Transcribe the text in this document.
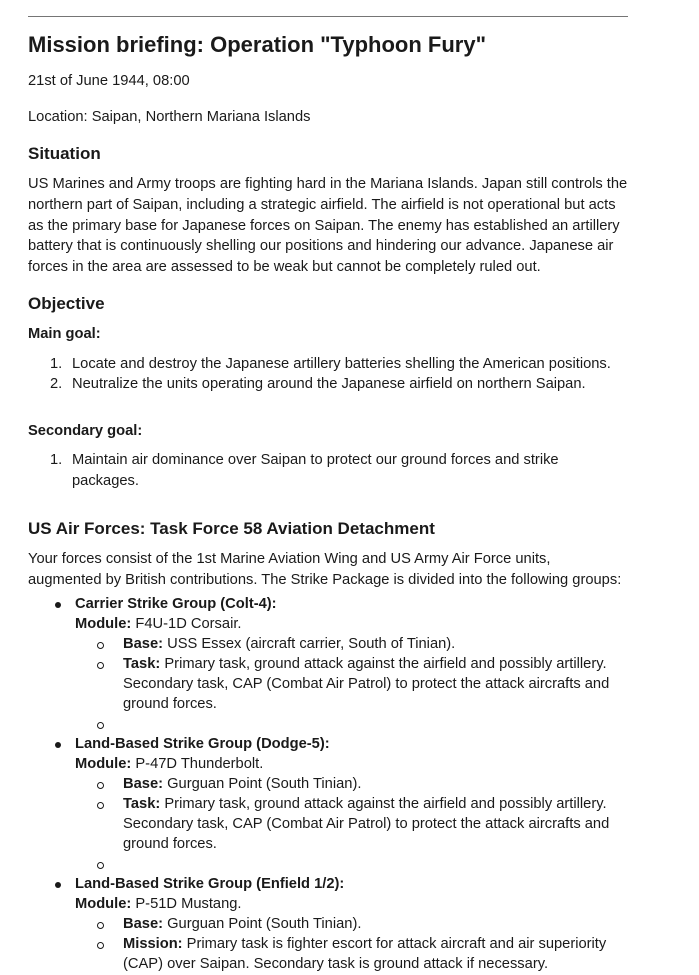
Mission briefing: Operation "Typhoon Fury"

21st of June 1944, 08:00

Location: Saipan, Northern Mariana Islands

Situation

US Marines and Army troops are fighting hard in the Mariana Islands. Japan still controls the northern part of Saipan, including a strategic airfield. The airfield is not operational but acts as the primary base for Japanese forces on Saipan. The enemy has established an artillery battery that is continuously shelling our positions and hindering our advance. Japanese air forces in the area are assessed to be weak but cannot be completely ruled out.

Objective
Main goal:
1. Locate and destroy the Japanese artillery batteries shelling the American positions.
2. Neutralize the units operating around the Japanese airfield on northern Saipan.
Secondary goal:
1. Maintain air dominance over Saipan to protect our ground forces and strike packages.
US Air Forces: Task Force 58 Aviation Detachment

Your forces consist of the 1st Marine Aviation Wing and US Army Air Force units, augmented by British contributions. The Strike Package is divided into the following groups:

Carrier Strike Group (Colt-4):
Module: F4U-1D Corsair.
Base: USS Essex (aircraft carrier, South of Tinian).
Task: Primary task, ground attack against the airfield and possibly artillery. Secondary task, CAP (Combat Air Patrol) to protect the attack aircrafts and ground forces.
Land-Based Strike Group (Dodge-5):
Module: P-47D Thunderbolt.
Base: Gurguan Point (South Tinian).
Task: Primary task, ground attack against the airfield and possibly artillery. Secondary task, CAP (Combat Air Patrol) to protect the attack aircrafts and ground forces.
Land-Based Strike Group (Enfield 1/2):
Module: P-51D Mustang.
Base: Gurguan Point (South Tinian).
Mission: Primary task is fighter escort for attack aircraft and air superiority (CAP) over Saipan. Secondary task is ground attack if necessary.
